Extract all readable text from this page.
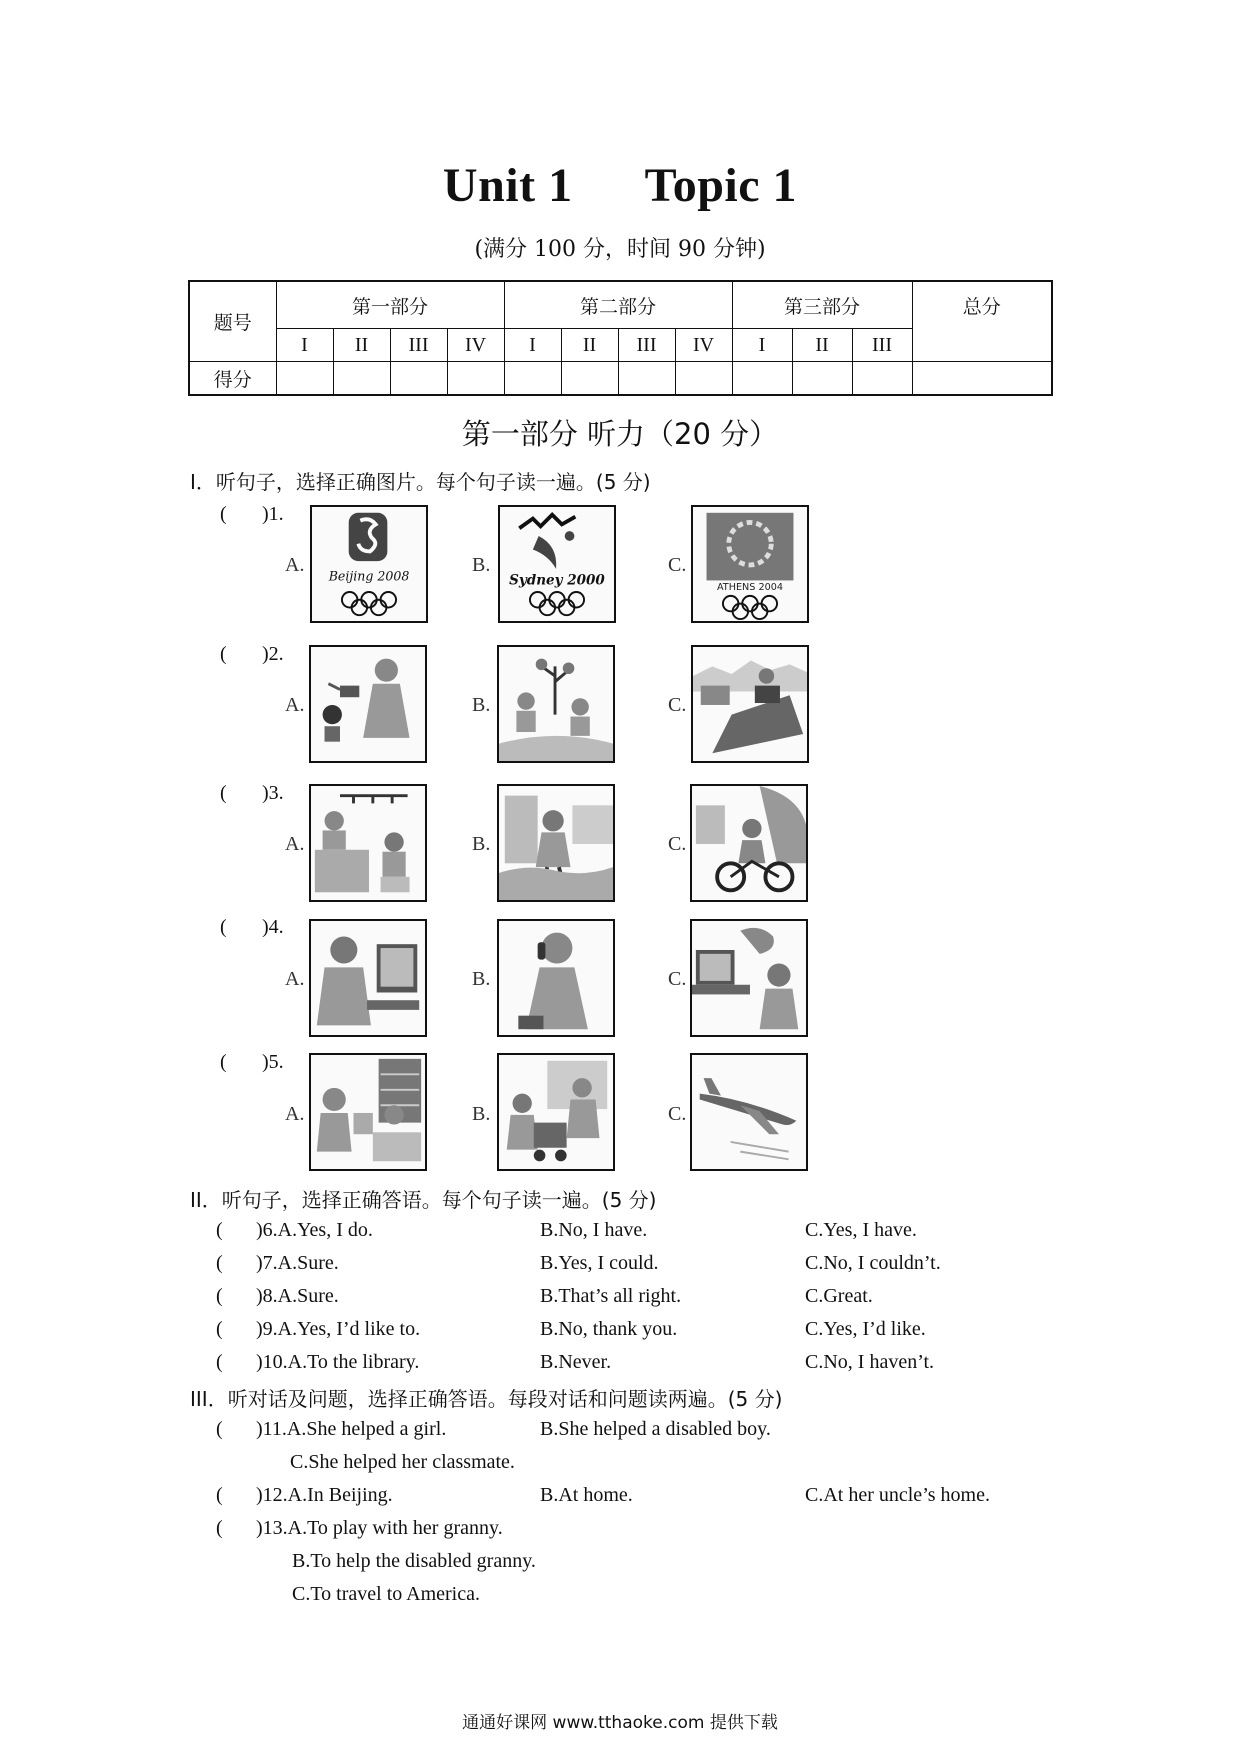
Unit 1 Topic 1
(满分 100 分，时间 90 分钟)
题号	第一部分				第二部分				第三部分			总分
	I	II	III	IV	I	II	III	IV	I	II	III	
得分												
第一部分 听力（20 分）
I．听句子，选择正确图片。每个句子读一遍。(5 分)
( )1.
A. Beijing 2008	B.
Sydney 2000
C.
ATHENS 2004
( )2.
A.	B.	C.
( )3.
A.	B.	C.
( )4.
A.	B.	C.
( )5.
A.	B.	C.
II．听句子，选择正确答语。每个句子读一遍。(5 分)
( )6.A.Yes, I do.	B.No, I have.	C.Yes, I have.
( )7.A.Sure.	B.Yes, I could.	C.No, I couldn’t.
( )8.A.Sure.	B.That’s all right.	C.Great.
( )9.A.Yes, I’d like to.	B.No, thank you.	C.Yes, I’d like.
( )10.A.To the library.	B.Never.	C.No, I haven’t.
III．听对话及问题，选择正确答语。每段对话和问题读两遍。(5 分)
( )11.A.She helped a girl.	B.She helped a disabled boy.
C.She helped her classmate.
( )12.A.In Beijing.	B.At home.	C.At her uncle’s home.
( )13.A.To play with her granny.
B.To help the disabled granny.
C.To travel to America.
通通好课网 www.tthaoke.com 提供下载
